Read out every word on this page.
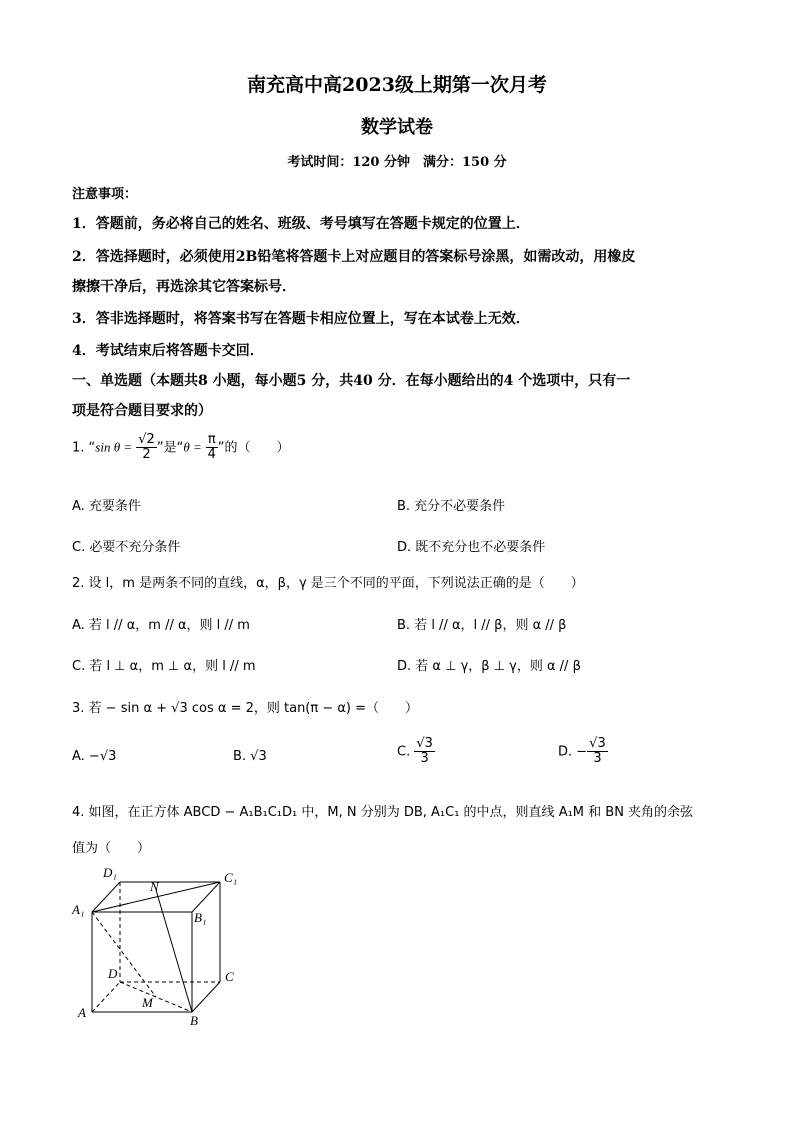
南充高中高2023级上期第一次月考
数学试卷
考试时间：120 分钟　满分：150 分
注意事项：
1．答题前，务必将自己的姓名、班级、考号填写在答题卡规定的位置上．
2．答选择题时，必须使用2B铅笔将答题卡上对应题目的答案标号涂黑，如需改动，用橡皮
擦擦干净后，再选涂其它答案标号．
3．答非选择题时，将答案书写在答题卡相应位置上，写在本试卷上无效．
4．考试结束后将答题卡交回．
一、单选题（本题共8 小题，每小题5 分，共40 分．在每小题给出的4 个选项中，只有一
项是符合题目要求的）
1. “sin $\theta = \frac{√2}{2}$ ”是“$\theta = \frac{\pi}{4}$ ”的（　　）
A. 充要条件	B. 充分不必要条件
C. 必要不充分条件	D. 既不充分也不必要条件
2. 设 l，m 是两条不同的直线，α，β，γ 是三个不同的平面，下列说法正确的是（　　）
A. 若 l // α，m // α，则 l // m	B. 若 l // α，l // β，则 α // β
C. 若 l ⊥ α，m ⊥ α，则 l // m	D. 若 α ⊥ γ，β ⊥ γ，则 α // β
3. 若 − sin α + √3 cos α = 2，则 tan(π − α) =（　　）
A. −√3	B. √3	C. $\frac{√3}{3}$	D. − $\frac{√3}{3}$
4. 如图，在正方体 ABCD − A₁B₁C₁D₁ 中，M, N 分别为 DB, A₁C₁ 的中点，则直线 A₁M 和 BN 夹角的余弦
值为（　　）
D₁	C₁
A₁
B₁
N
D	C
M
A
B
